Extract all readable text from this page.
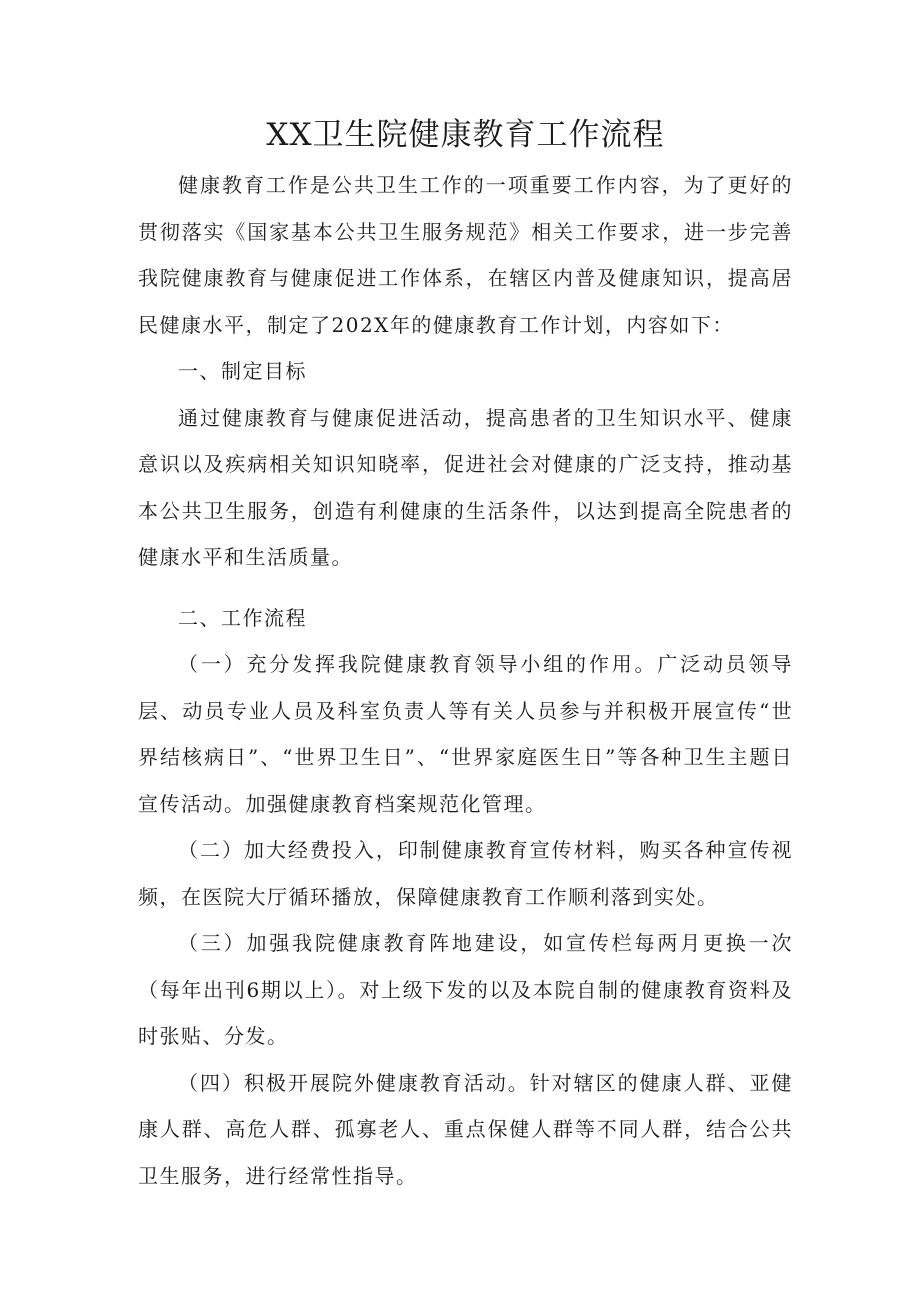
XX卫生院健康教育工作流程

健康教育工作是公共卫生工作的一项重要工作内容，为了更好的贯彻落实《国家基本公共卫生服务规范》相关工作要求，进一步完善我院健康教育与健康促进工作体系，在辖区内普及健康知识，提高居民健康水平，制定了202X年的健康教育工作计划，内容如下：

一、制定目标

通过健康教育与健康促进活动，提高患者的卫生知识水平、健康意识以及疾病相关知识知晓率，促进社会对健康的广泛支持，推动基本公共卫生服务，创造有利健康的生活条件，以达到提高全院患者的健康水平和生活质量。

二、工作流程

（一）充分发挥我院健康教育领导小组的作用。广泛动员领导层、动员专业人员及科室负责人等有关人员参与并积极开展宣传“世界结核病日”、“世界卫生日”、“世界家庭医生日”等各种卫生主题日宣传活动。加强健康教育档案规范化管理。

（二）加大经费投入，印制健康教育宣传材料，购买各种宣传视频，在医院大厅循环播放，保障健康教育工作顺利落到实处。

（三）加强我院健康教育阵地建设，如宣传栏每两月更换一次（每年出刊6期以上）。对上级下发的以及本院自制的健康教育资料及时张贴、分发。

（四）积极开展院外健康教育活动。针对辖区的健康人群、亚健康人群、高危人群、孤寡老人、重点保健人群等不同人群，结合公共卫生服务，进行经常性指导。
